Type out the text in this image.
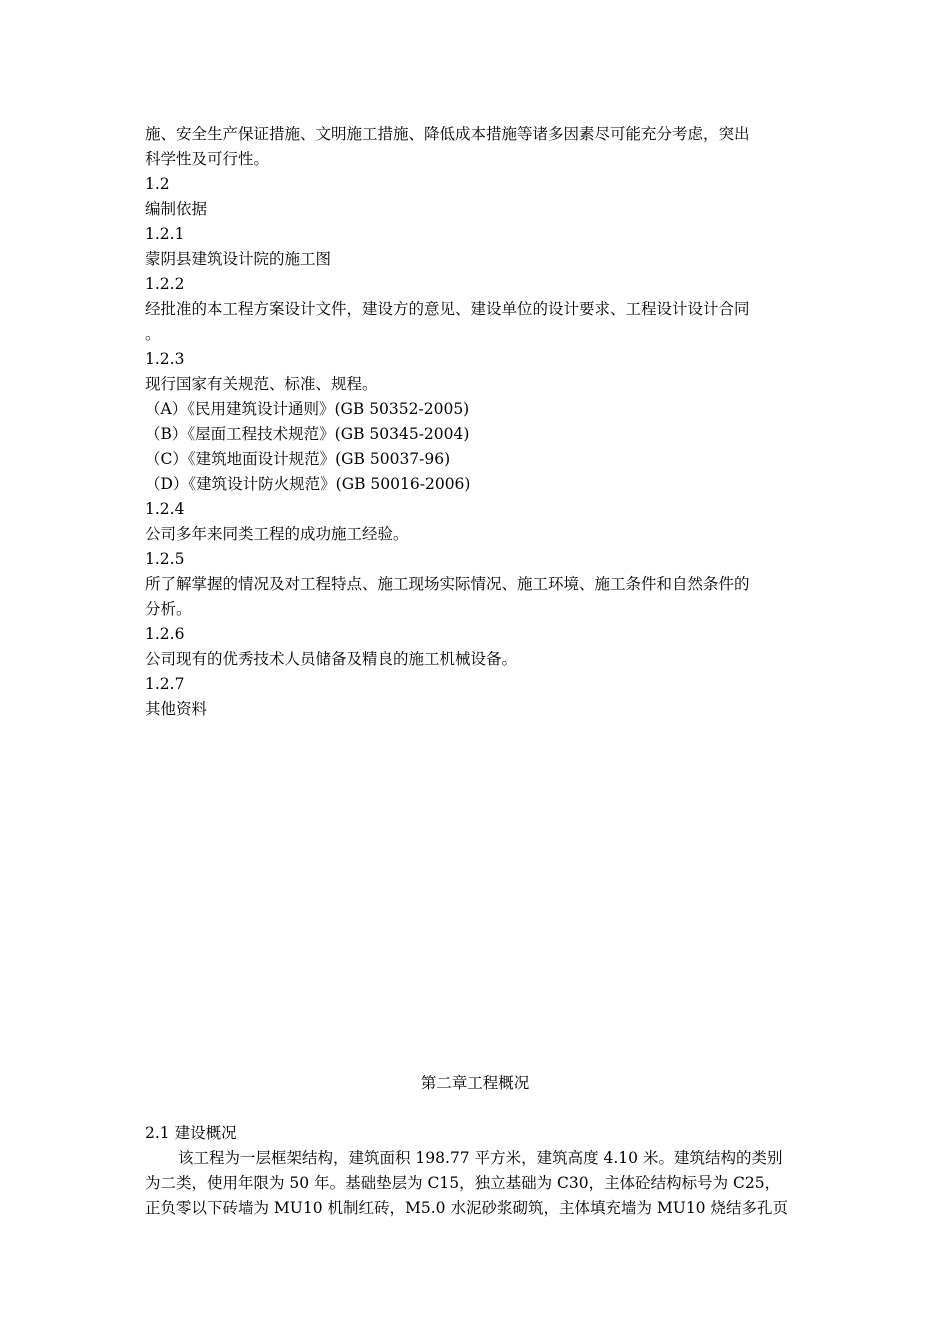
施、安全生产保证措施、文明施工措施、降低成本措施等诸多因素尽可能充分考虑，突出
科学性及可行性。
1.2
编制依据
1.2.1
蒙阴县建筑设计院的施工图
1.2.2
经批准的本工程方案设计文件，建设方的意见、建设单位的设计要求、工程设计设计合同
。
1.2.3
现行国家有关规范、标准、规程。
（A）《民用建筑设计通则》(GB 50352-2005)
（B）《屋面工程技术规范》(GB 50345-2004)
（C）《建筑地面设计规范》(GB 50037-96)
（D）《建筑设计防火规范》(GB 50016-2006)
1.2.4
公司多年来同类工程的成功施工经验。
1.2.5
所了解掌握的情况及对工程特点、施工现场实际情况、施工环境、施工条件和自然条件的
分析。
1.2.6
公司现有的优秀技术人员储备及精良的施工机械设备。
1.2.7
其他资料
第二章工程概况
2.1 建设概况
该工程为一层框架结构，建筑面积 198.77 平方米，建筑高度 4.10 米。建筑结构的类别
为二类，使用年限为 50 年。基础垫层为 C15，独立基础为 C30，主体砼结构标号为 C25，
正负零以下砖墙为 MU10 机制红砖，M5.0 水泥砂浆砌筑，主体填充墙为 MU10 烧结多孔页
